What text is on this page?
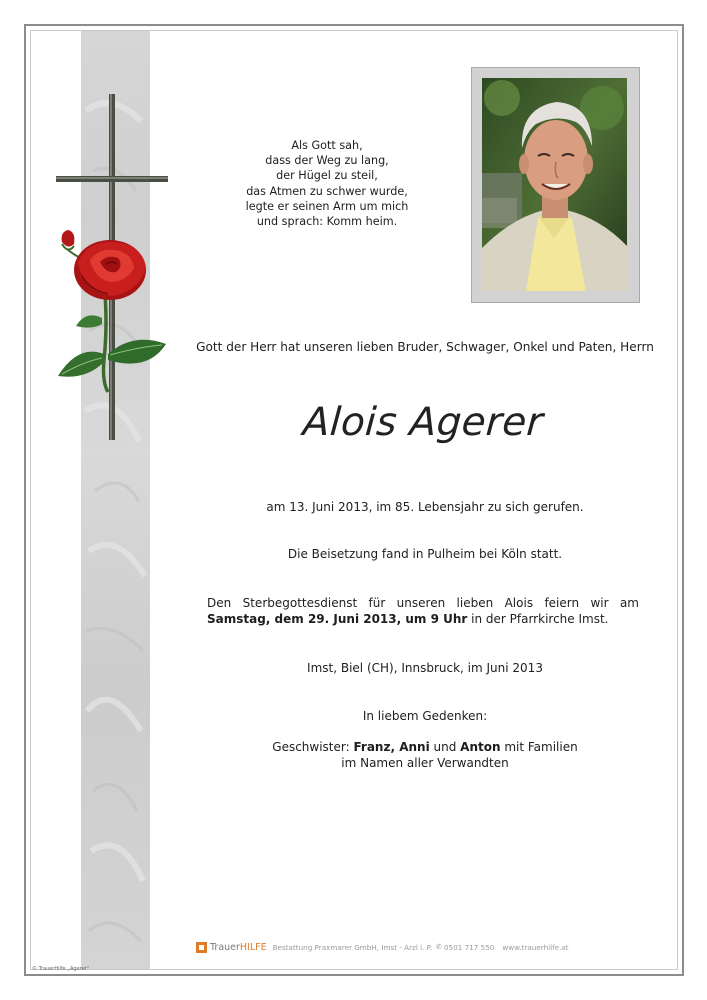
Als Gott sah,
dass der Weg zu lang,
der Hügel zu steil,
das Atmen zu schwer wurde,
legte er seinen Arm um mich
und sprach: Komm heim.
Gott der Herr hat unseren lieben Bruder, Schwager, Onkel und Paten, Herrn
Alois Agerer
am 13. Juni 2013, im 85. Lebensjahr zu sich gerufen.
Die Beisetzung fand in Pulheim bei Köln statt.
Den Sterbegottesdienst für unseren lieben Alois feiern wir am Samstag, dem 29. Juni 2013, um 9 Uhr in der Pfarrkirche Imst.
Imst, Biel (CH), Innsbruck, im Juni 2013
In liebem Gedenken:
Geschwister: Franz, Anni und Anton mit Familien
im Namen aller Verwandten
Trauer HILFE Bestattung Praxmarer GmbH, Imst - Arzl i. P. ✆ 0501 717 550 www.trauerhilfe.at
© TrauerHilfe „Agerer"
